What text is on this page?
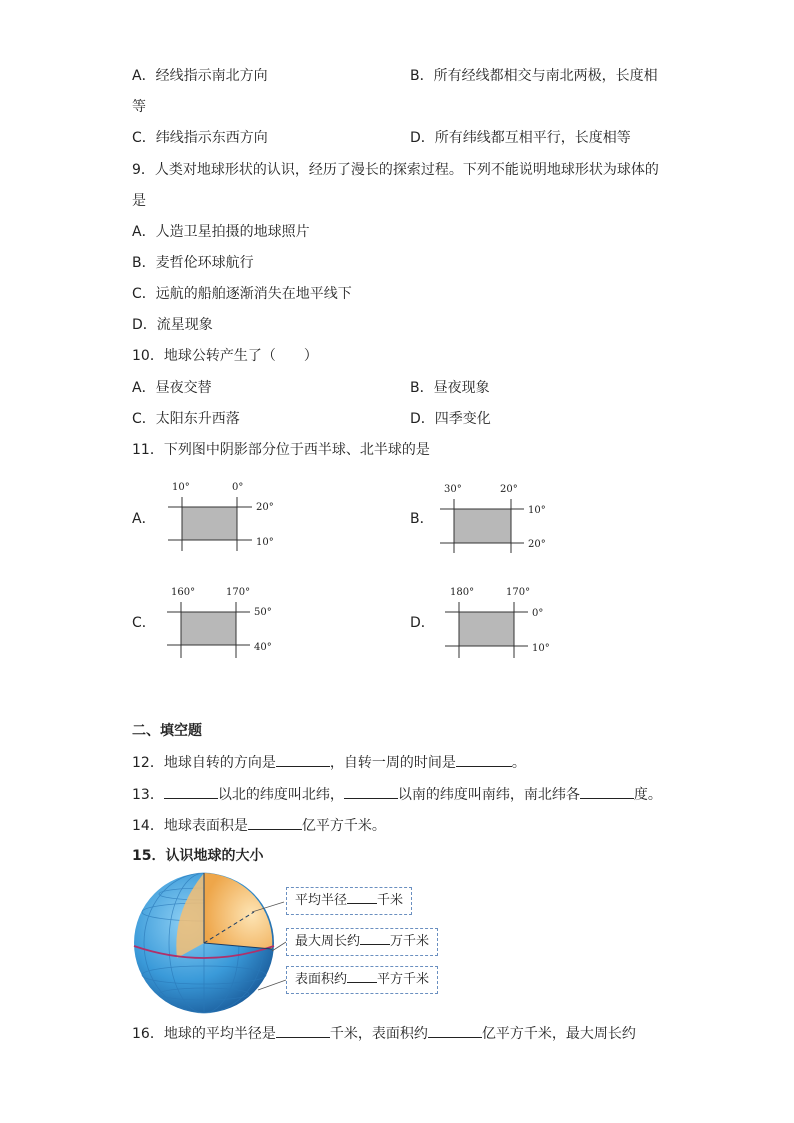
A．经线指示南北方向	B．所有经线都相交与南北两极，长度相
等
C．纬线指示东西方向	D．所有纬线都互相平行，长度相等
9．人类对地球形状的认识，经历了漫长的探索过程。下列不能说明地球形状为球体的
是
A．人造卫星拍摄的地球照片
B．麦哲伦环球航行
C．远航的船舶逐渐消失在地平线下
D．流星现象
10．地球公转产生了（　　）
A．昼夜交替	B．昼夜现象
C．太阳东升西落	D．四季变化
11．下列图中阴影部分位于西半球、北半球的是
A．
10°	0°
20°
10°
B．
30°	20°
10°
20°
C．
160°	170°
50°
40°
D．
180°	170°
0°
10°
二、填空题
12．地球自转的方向是	，自转一周的时间是	。
13．	以北的纬度叫北纬，	以南的纬度叫南纬，南北纬各	度。
14．地球表面积是	亿平方千米。
15．认识地球的大小
平均半径 千米
最大周长约 万千米
表面积约 平方千米
16．地球的平均半径是	千米，表面积约	亿平方千米，最大周长约
